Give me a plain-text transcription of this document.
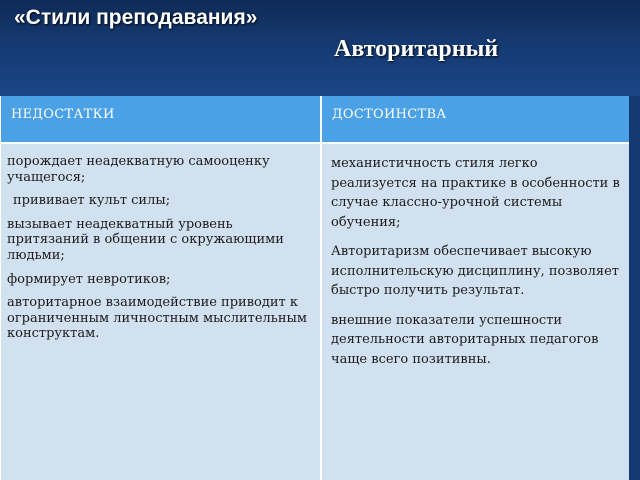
«Стили преподавания»
Авторитарный
НЕДОСТАТКИ	ДОСТОИНСТВА

порождает неадекватную самооценку учащегося;

прививает культ силы;

вызывает неадекватный уровень притязаний в общении с окружающими людьми;

формирует невротиков;

авторитарное взаимодействие приводит к ограниченным личностным мыслительным конструктам.

механистичность стиля легко реализуется на практике в особенности в случае классно-урочной системы обучения;

Авторитаризм обеспечивает высокую исполнительскую дисциплину, позволяет быстро получить результат.

внешние показатели успешности деятельности авторитарных педагогов чаще всего позитивны.
